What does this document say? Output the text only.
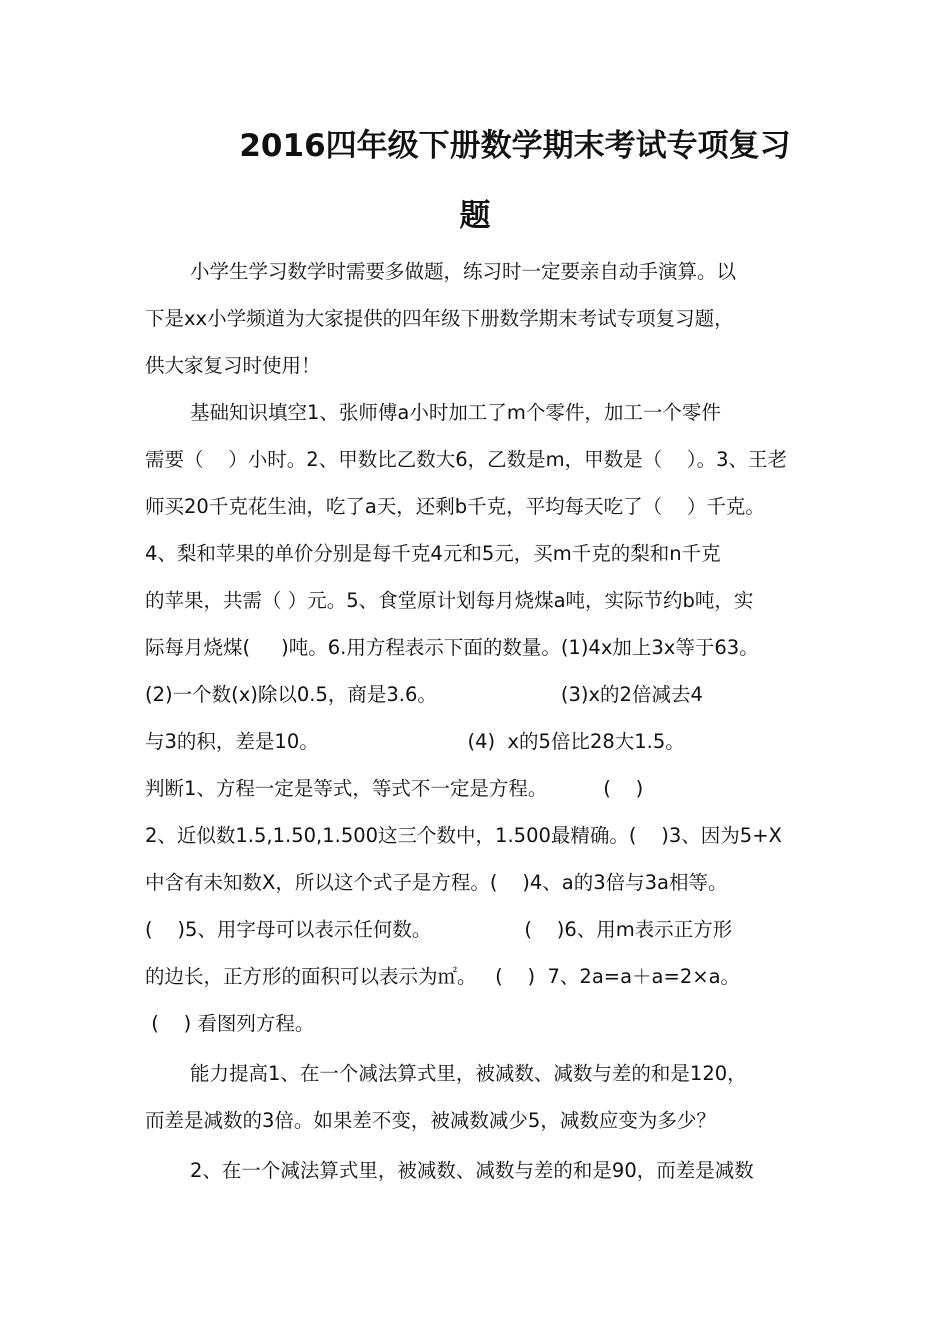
2016四年级下册数学期末考试专项复习
题
小学生学习数学时需要多做题，练习时一定要亲自动手演算。以
下是xx小学频道为大家提供的四年级下册数学期末考试专项复习题，
供大家复习时使用！
基础知识填空1、张师傅a小时加工了m个零件，加工一个零件
需要（    ）小时。2、甲数比乙数大6，乙数是m，甲数是（    ）。3、王老
师买20千克花生油，吃了a天，还剩b千克，平均每天吃了（    ）千克。
4、梨和苹果的单价分别是每千克4元和5元，买m千克的梨和n千克
的苹果，共需（ ）元。5、食堂原计划每月烧煤a吨，实际节约b吨，实
际每月烧煤(     )吨。6.用方程表示下面的数量。(1)4x加上3x等于63。
(2)一个数(x)除以0.5，商是3.6。                    (3)x的2倍减去4
与3的积，差是10。                        (4)  x的5倍比28大1.5。
判断1、方程一定是等式，等式不一定是方程。         (    )
2、近似数1.5,1.50,1.500这三个数中，1.500最精确。(    )3、因为5+X
中含有未知数X，所以这个式子是方程。(    )4、a的3倍与3a相等。
(    )5、用字母可以表示任何数。               (    )6、用m表示正方形
的边长，正方形的面积可以表示为㎡。   (    )  7、2a=a＋a=2×a。
(    ) 看图列方程。
能力提高1、在一个减法算式里，被减数、减数与差的和是120，
而差是减数的3倍。如果差不变，被减数减少5，减数应变为多少？
2、在一个减法算式里，被减数、减数与差的和是90，而差是减数
